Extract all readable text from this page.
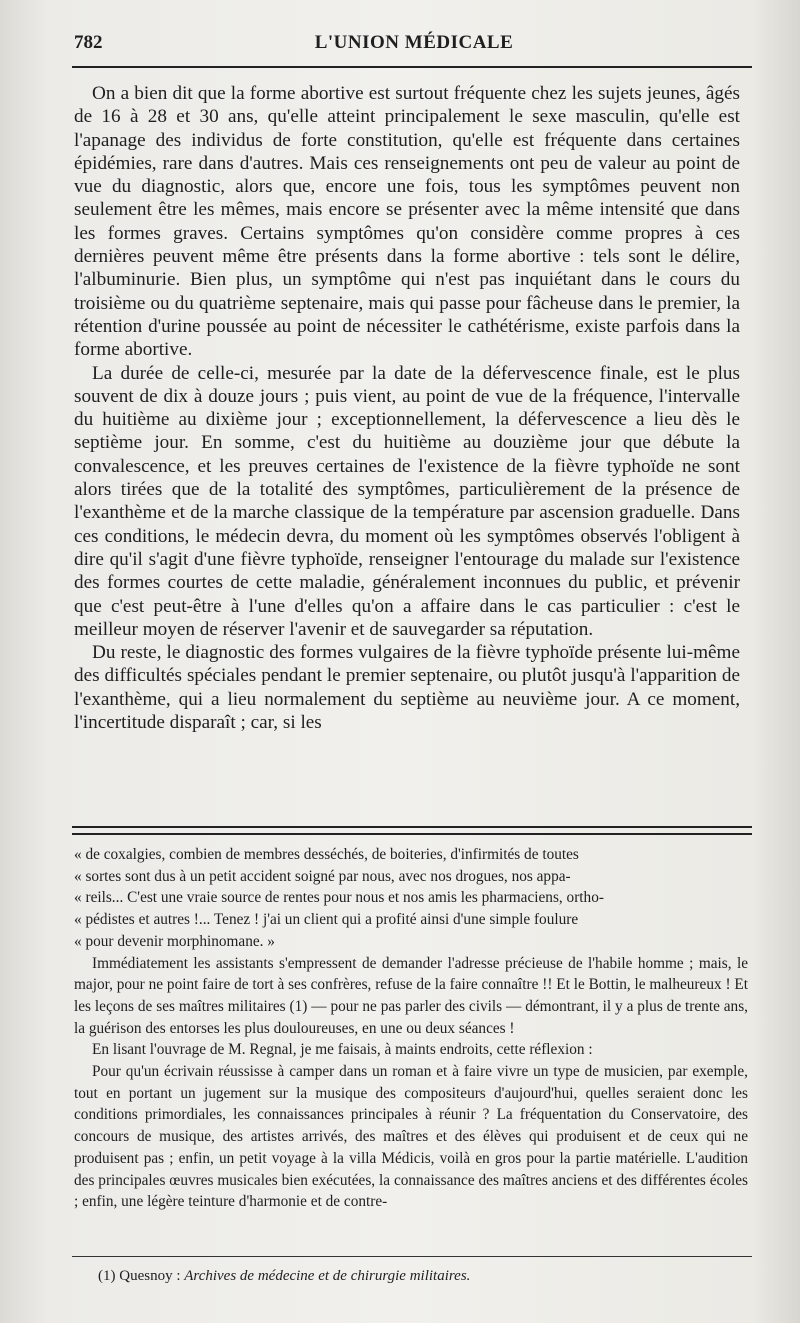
782	L'UNION MÉDICALE

On a bien dit que la forme abortive est surtout fréquente chez les sujets jeunes, âgés de 16 à 28 et 30 ans, qu'elle atteint principalement le sexe masculin, qu'elle est l'apanage des individus de forte constitution, qu'elle est fréquente dans certaines épidémies, rare dans d'autres. Mais ces renseignements ont peu de valeur au point de vue du diagnostic, alors que, encore une fois, tous les symptômes peuvent non seulement être les mêmes, mais encore se présenter avec la même intensité que dans les formes graves. Certains symptômes qu'on considère comme propres à ces dernières peuvent même être présents dans la forme abortive : tels sont le délire, l'albuminurie. Bien plus, un symptôme qui n'est pas inquiétant dans le cours du troisième ou du quatrième septenaire, mais qui passe pour fâcheuse dans le premier, la rétention d'urine poussée au point de nécessiter le cathétérisme, existe parfois dans la forme abortive.

La durée de celle-ci, mesurée par la date de la défervescence finale, est le plus souvent de dix à douze jours ; puis vient, au point de vue de la fréquence, l'intervalle du huitième au dixième jour ; exceptionnellement, la défervescence a lieu dès le septième jour. En somme, c'est du huitième au douzième jour que débute la convalescence, et les preuves certaines de l'existence de la fièvre typhoïde ne sont alors tirées que de la totalité des symptômes, particulièrement de la présence de l'exanthème et de la marche classique de la température par ascension graduelle. Dans ces conditions, le médecin devra, du moment où les symptômes observés l'obligent à dire qu'il s'agit d'une fièvre typhoïde, renseigner l'entourage du malade sur l'existence des formes courtes de cette maladie, généralement inconnues du public, et prévenir que c'est peut-être à l'une d'elles qu'on a affaire dans le cas particulier : c'est le meilleur moyen de réserver l'avenir et de sauvegarder sa réputation.

Du reste, le diagnostic des formes vulgaires de la fièvre typhoïde présente lui-même des difficultés spéciales pendant le premier septenaire, ou plutôt jusqu'à l'apparition de l'exanthème, qui a lieu normalement du septième au neuvième jour. A ce moment, l'incertitude disparaît ; car, si les

« de coxalgies, combien de membres desséchés, de boiteries, d'infirmités de toutes
« sortes sont dus à un petit accident soigné par nous, avec nos drogues, nos appa-
« reils... C'est une vraie source de rentes pour nous et nos amis les pharmaciens, ortho-
« pédistes et autres !... Tenez ! j'ai un client qui a profité ainsi d'une simple foulure
« pour devenir morphinomane. »

Immédiatement les assistants s'empressent de demander l'adresse précieuse de l'habile homme ; mais, le major, pour ne point faire de tort à ses confrères, refuse de la faire connaître !! Et le Bottin, le malheureux ! Et les leçons de ses maîtres militaires (1) — pour ne pas parler des civils — démontrant, il y a plus de trente ans, la guérison des entorses les plus douloureuses, en une ou deux séances !

En lisant l'ouvrage de M. Regnal, je me faisais, à maints endroits, cette réflexion :

Pour qu'un écrivain réussisse à camper dans un roman et à faire vivre un type de musicien, par exemple, tout en portant un jugement sur la musique des compositeurs d'aujourd'hui, quelles seraient donc les conditions primordiales, les connaissances principales à réunir ? La fréquentation du Conservatoire, des concours de musique, des artistes arrivés, des maîtres et des élèves qui produisent et de ceux qui ne produisent pas ; enfin, un petit voyage à la villa Médicis, voilà en gros pour la partie matérielle. L'audition des principales œuvres musicales bien exécutées, la connaissance des maîtres anciens et des différentes écoles ; enfin, une légère teinture d'harmonie et de contre-

(1) Quesnoy : Archives de médecine et de chirurgie militaires.
